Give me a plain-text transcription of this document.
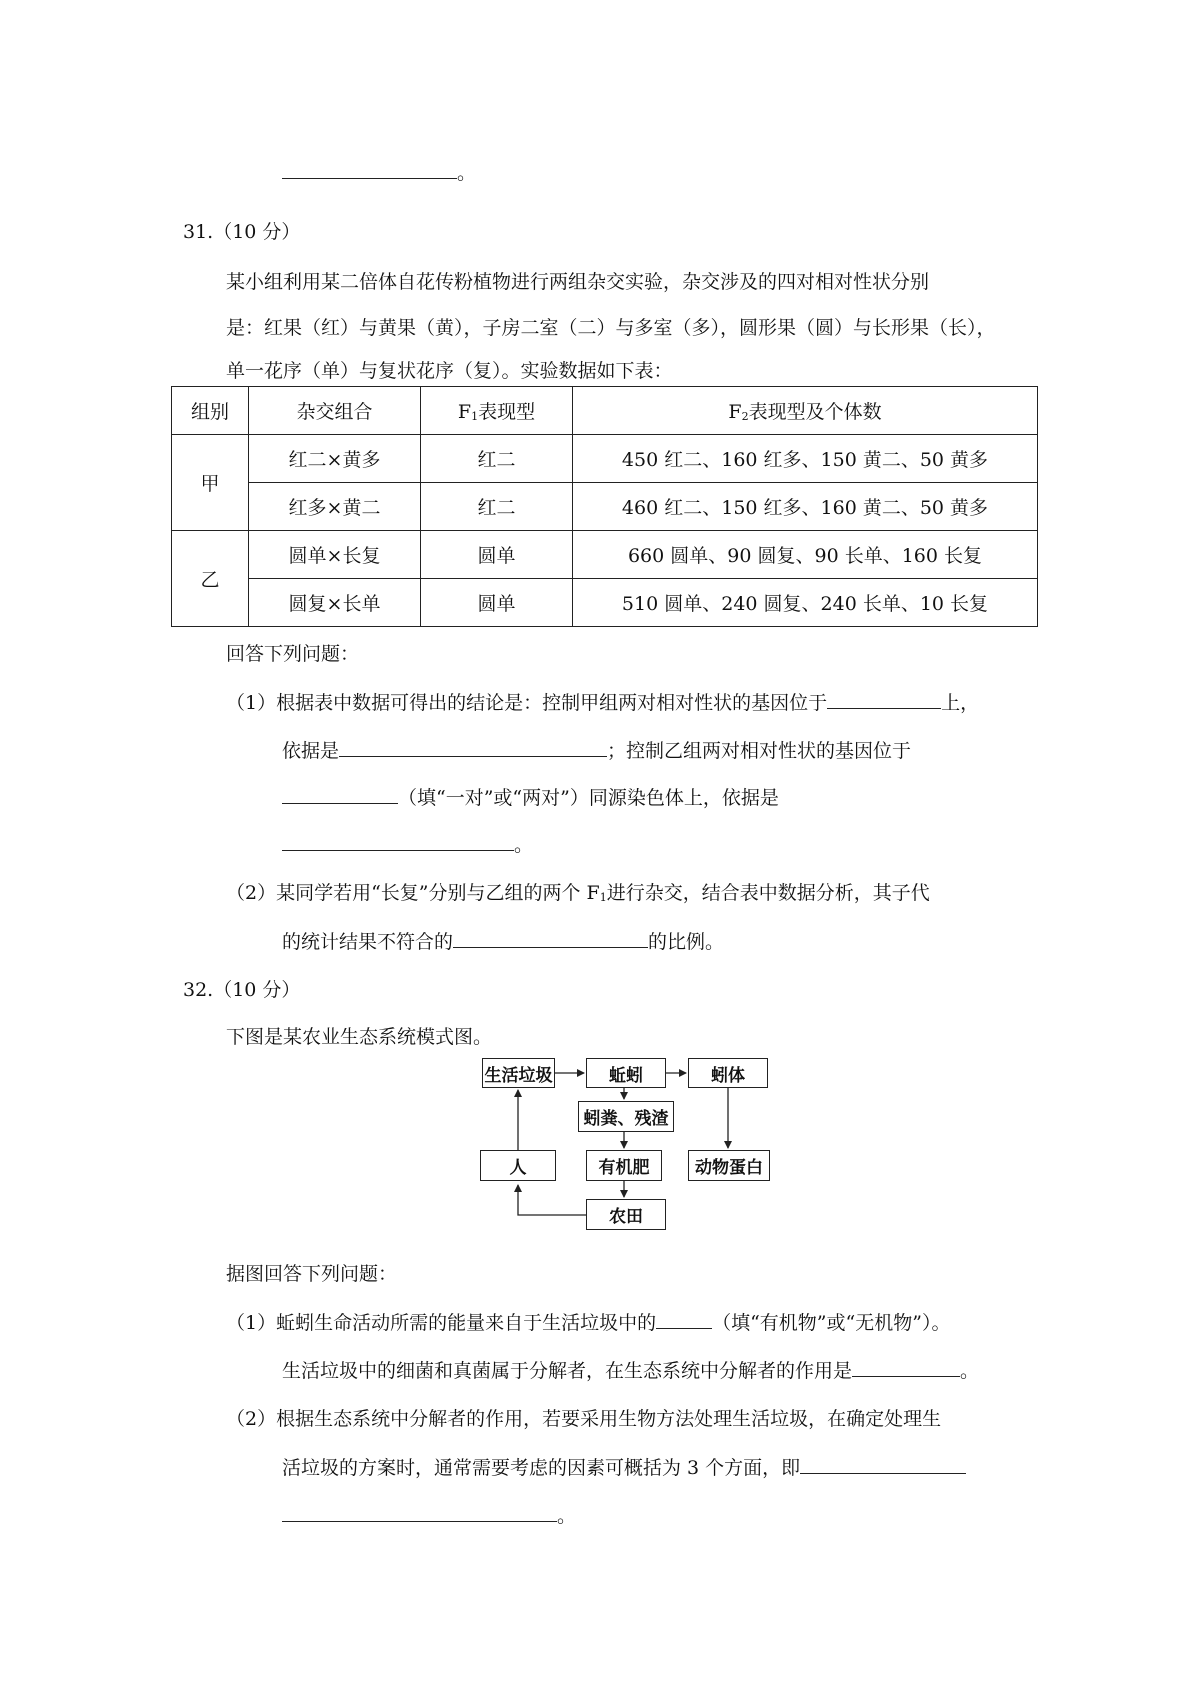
。
31.（10 分）
某小组利用某二倍体自花传粉植物进行两组杂交实验，杂交涉及的四对相对性状分别
是：红果（红）与黄果（黄），子房二室（二）与多室（多），圆形果（圆）与长形果（长），
组别	杂交组合	$F_1$表现型	$F_2$表现型及个体数
甲	红二×黄多	红二	450 红二、160 红多、150 黄二、50 黄多
	红多×黄二	红二	460 红二、150 红多、160 黄二、50 黄多
乙	圆单×长复	圆单	660 圆单、90 圆复、90 长单、160 长复
	圆复×长单	圆单	510 圆单、240 圆复、240 长单、10 长复
回答下列问题：
（1）根据表中数据可得出的结论是：控制甲组两对相对性状的基因位于	上，
依据是	；控制乙组两对相对性状的基因位于
（填“一对”或“两对”）同源染色体上，依据是
。
（2）某同学若用“长复”分别与乙组的两个 $F_1$进行杂交，结合表中数据分析，其子代
的统计结果不符合的	的比例。
32.（10 分）
下图是某农业生态系统模式图。
生活垃圾	蚯蚓	蚓体
蚓粪、残渣
人	有机肥	动物蛋白
农田
据图回答下列问题：
（1）蚯蚓生命活动所需的能量来自于生活垃圾中的	（填“有机物”或“无机物”）。
生活垃圾中的细菌和真菌属于分解者，在生态系统中分解者的作用是	。
（2）根据生态系统中分解者的作用，若要采用生物方法处理生活垃圾，在确定处理生
活垃圾的方案时，通常需要考虑的因素可概括为 3 个方面，即
。
单一花序（单）与复状花序（复）。实验数据如下表：
